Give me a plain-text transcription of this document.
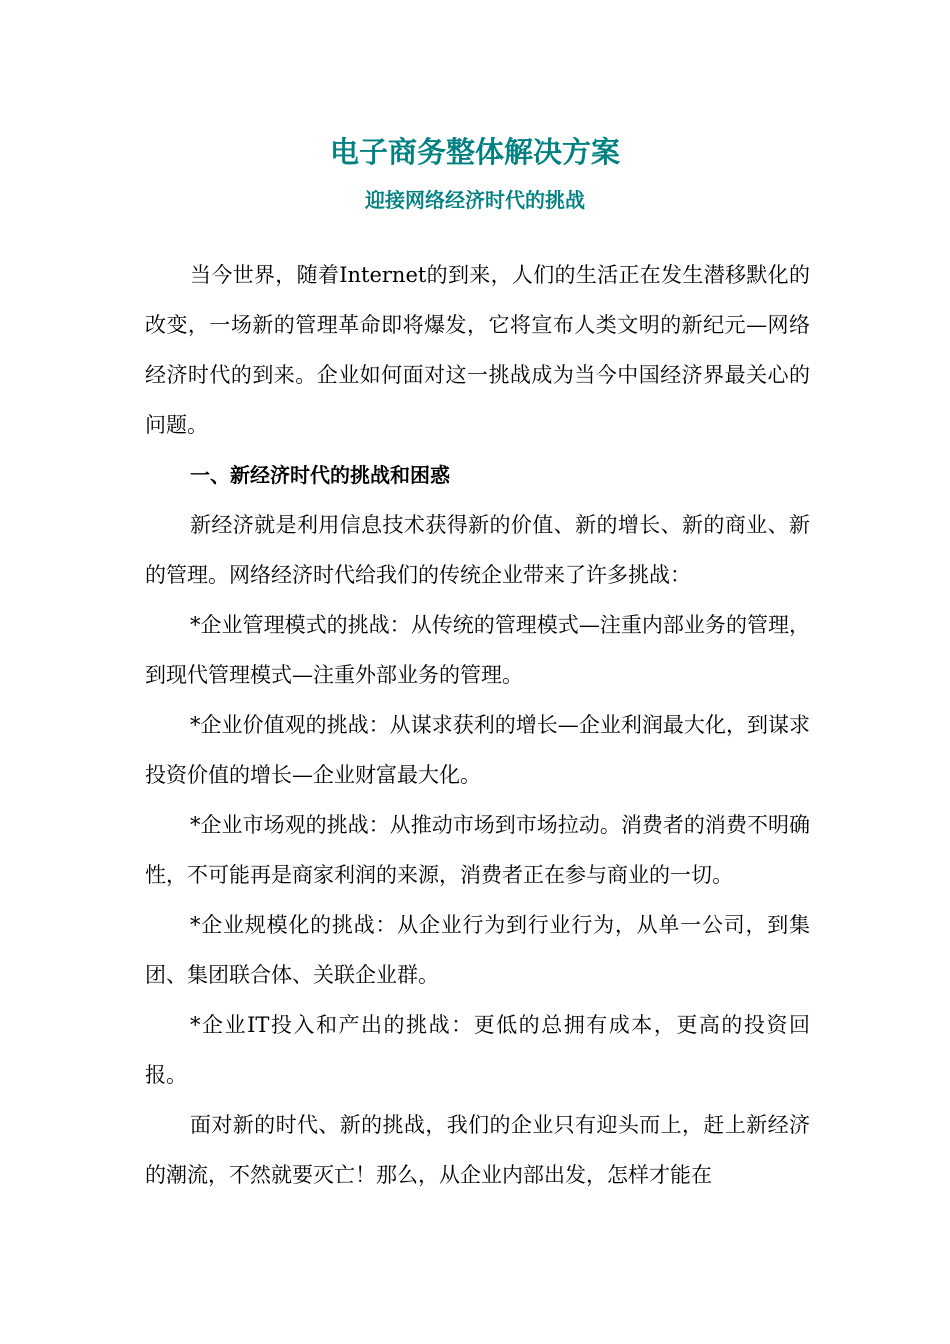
电子商务整体解决方案
迎接网络经济时代的挑战

当今世界，随着Internet的到来，人们的生活正在发生潜移默化的改变，一场新的管理革命即将爆发，它将宣布人类文明的新纪元—网络经济时代的到来。企业如何面对这一挑战成为当今中国经济界最关心的问题。

一、新经济时代的挑战和困惑

新经济就是利用信息技术获得新的价值、新的增长、新的商业、新的管理。网络经济时代给我们的传统企业带来了许多挑战：

*企业管理模式的挑战：从传统的管理模式—注重内部业务的管理，到现代管理模式—注重外部业务的管理。

*企业价值观的挑战：从谋求获利的增长—企业利润最大化，到谋求投资价值的增长—企业财富最大化。

*企业市场观的挑战：从推动市场到市场拉动。消费者的消费不明确性，不可能再是商家利润的来源，消费者正在参与商业的一切。

*企业规模化的挑战：从企业行为到行业行为，从单一公司，到集团、集团联合体、关联企业群。

*企业IT投入和产出的挑战：更低的总拥有成本，更高的投资回报。

面对新的时代、新的挑战，我们的企业只有迎头而上，赶上新经济的潮流，不然就要灭亡！那么，从企业内部出发，怎样才能在
